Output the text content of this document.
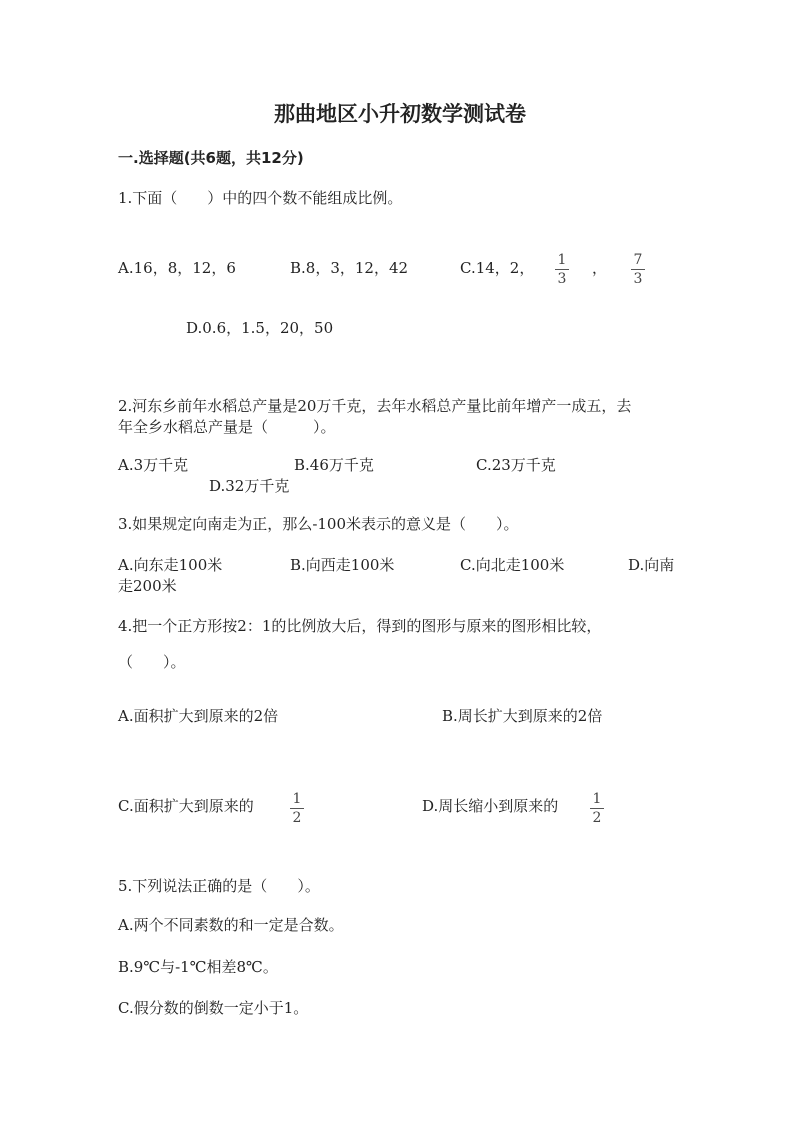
那曲地区小升初数学测试卷
一.选择题(共6题，共12分)
1.下面（　　）中的四个数不能组成比例。
A.16，8，12，6	B.8，3，12，42	C.14，2，	1
3
，	7
3
D.0.6，1.5，20，50
2.河东乡前年水稻总产量是20万千克，去年水稻总产量比前年增产一成五，去
年全乡水稻总产量是（　　　）。
A.3万千克	B.46万千克	C.23万千克
D.32万千克
3.如果规定向南走为正，那么-100米表示的意义是（　　）。
A.向东走100米	B.向西走100米	C.向北走100米	D.向南
走200米
4.把一个正方形按2：1的比例放大后，得到的图形与原来的图形相比较，
（　　）。
A.面积扩大到原来的2倍	B.周长扩大到原来的2倍
C.面积扩大到原来的	1
2
D.周长缩小到原来的	1
2
5.下列说法正确的是（　　）。
A.两个不同素数的和一定是合数。
B.9℃与-1℃相差8℃。
C.假分数的倒数一定小于1。
